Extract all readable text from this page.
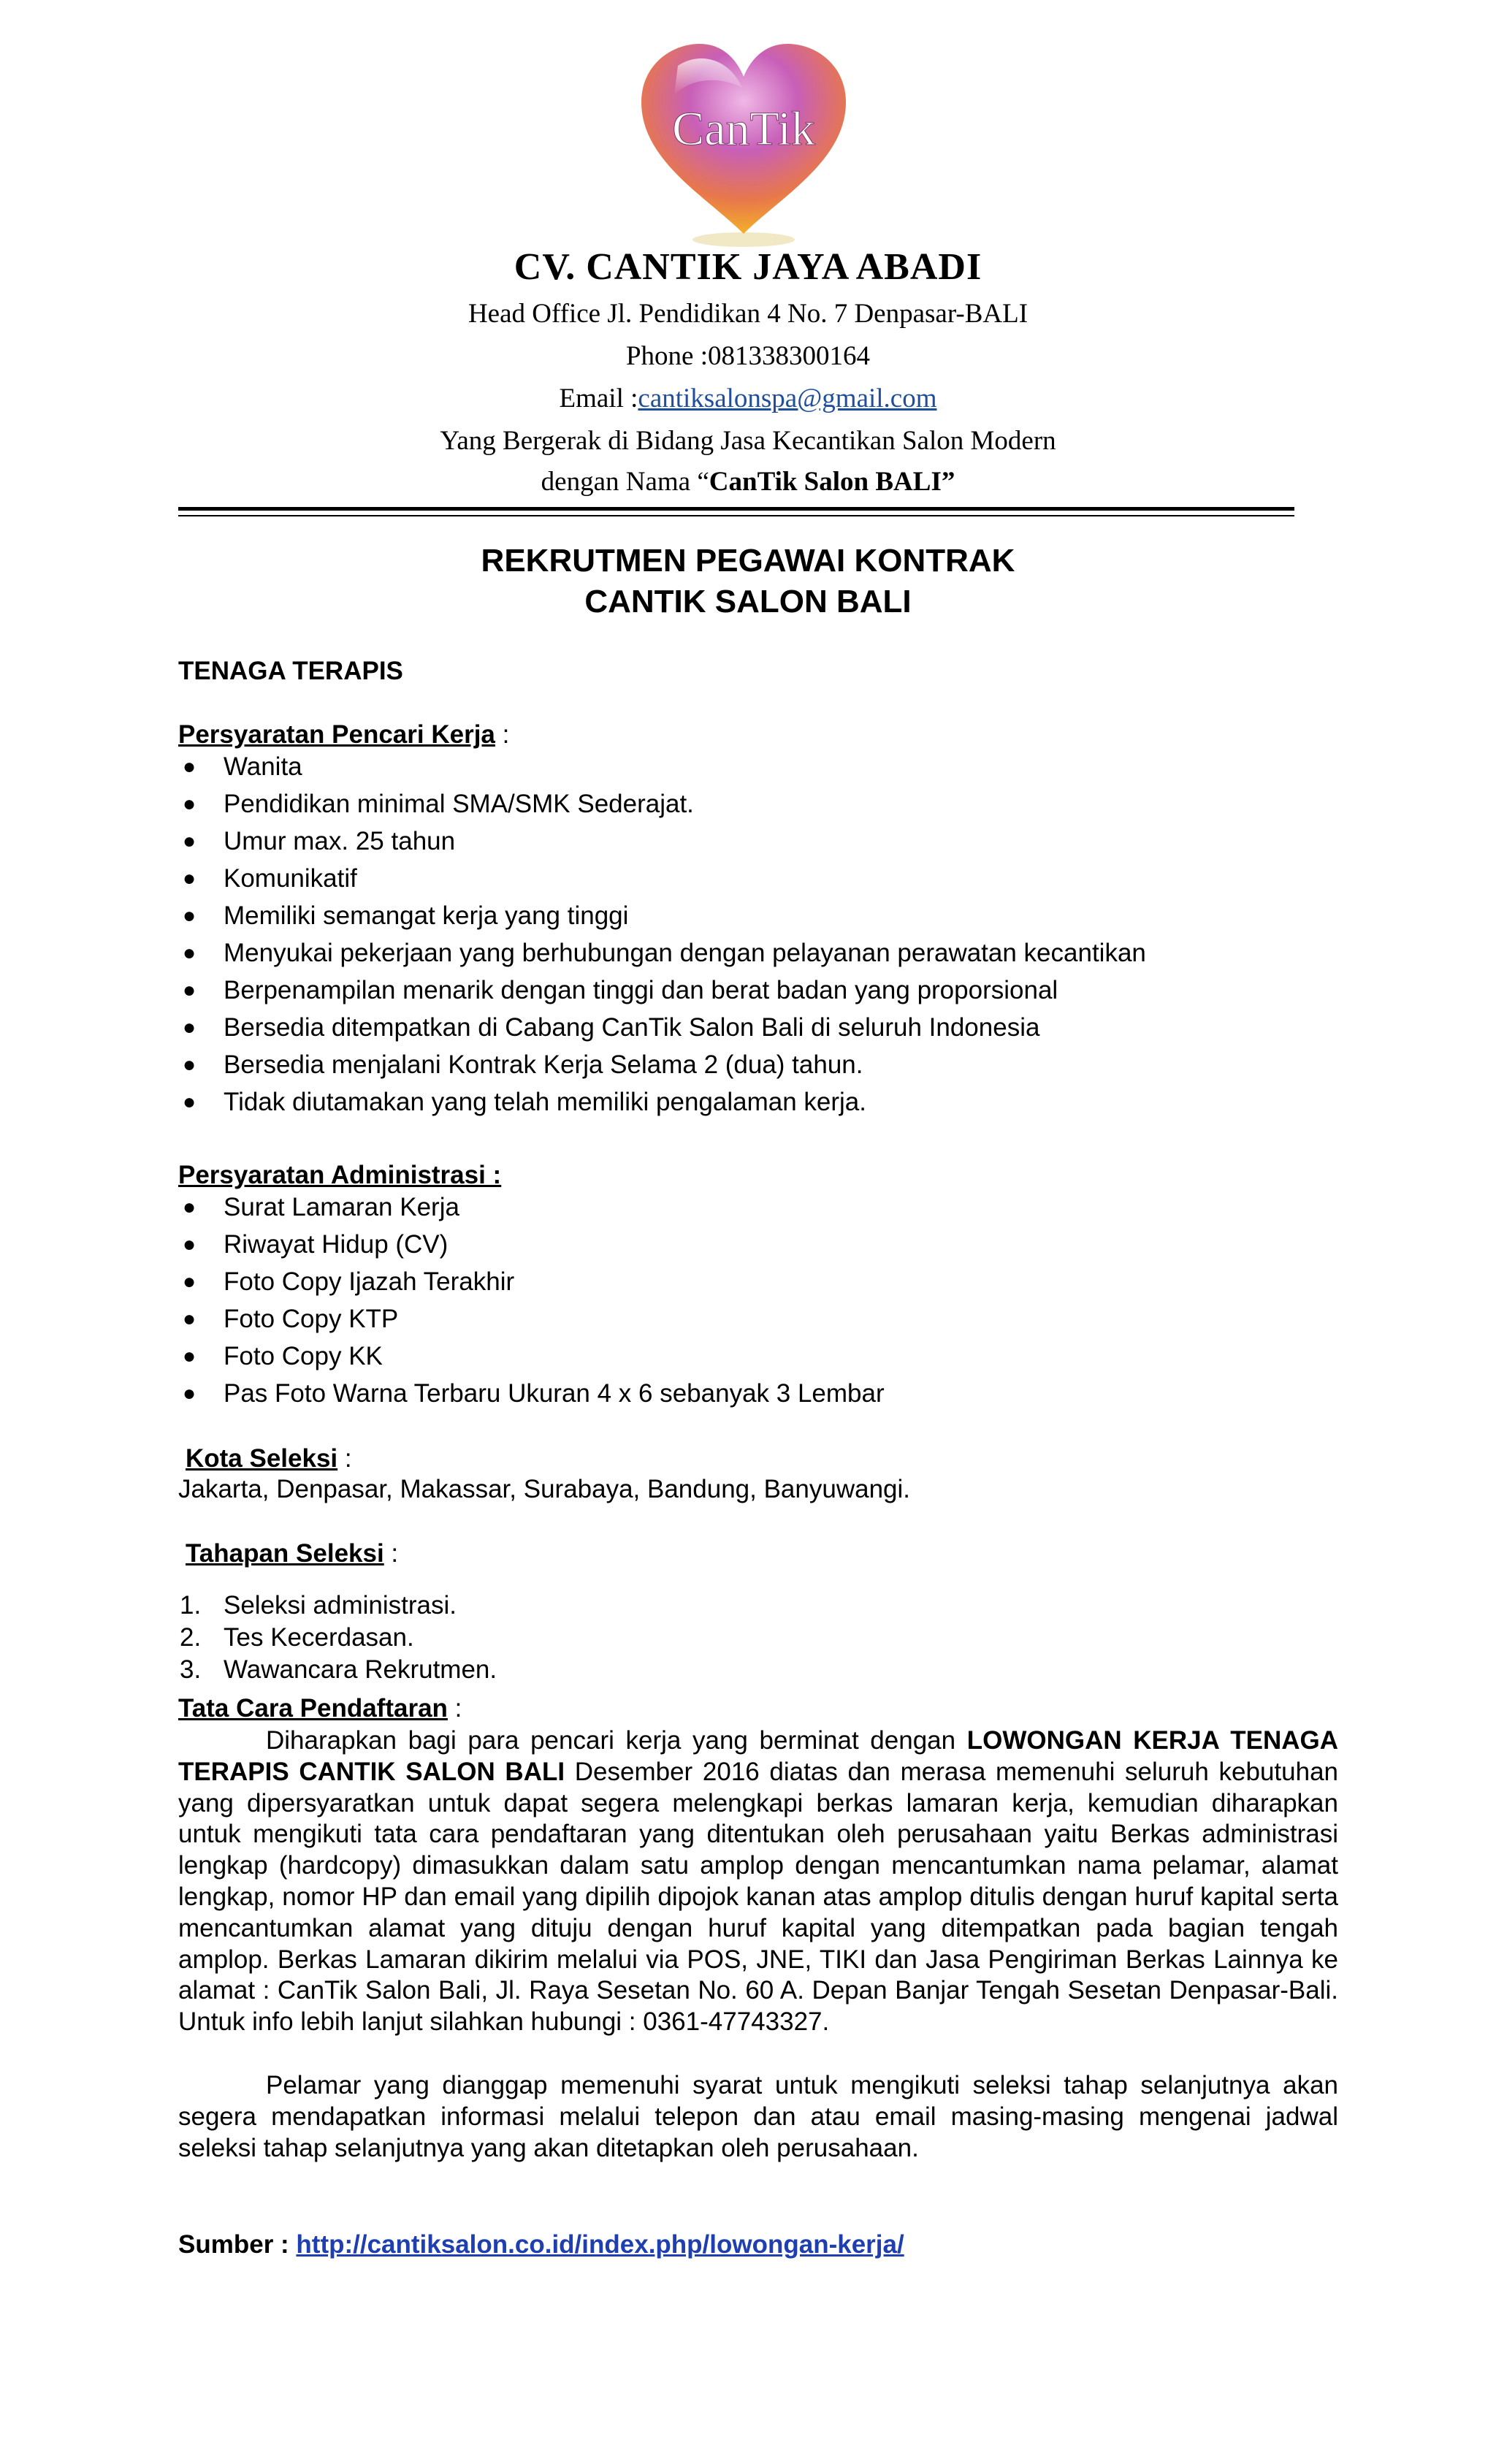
CanTik
CV. CANTIK JAYA ABADI
Head Office Jl. Pendidikan 4 No. 7 Denpasar-BALI
Phone :081338300164
Email :cantiksalonspa@gmail.com
Yang Bergerak di Bidang Jasa Kecantikan Salon Modern
dengan Nama “CanTik Salon BALI”
REKRUTMEN PEGAWAI KONTRAK
CANTIK SALON BALI
TENAGA TERAPIS
Persyaratan Pencari Kerja :
● Wanita
● Pendidikan minimal SMA/SMK Sederajat.
● Umur max. 25 tahun
● Komunikatif
● Memiliki semangat kerja yang tinggi
● Menyukai pekerjaan yang berhubungan dengan pelayanan perawatan kecantikan
● Berpenampilan menarik dengan tinggi dan berat badan yang proporsional
● Bersedia ditempatkan di Cabang CanTik Salon Bali di seluruh Indonesia
● Bersedia menjalani Kontrak Kerja Selama 2 (dua) tahun.
● Tidak diutamakan yang telah memiliki pengalaman kerja.
Persyaratan Administrasi :
● Surat Lamaran Kerja
● Riwayat Hidup (CV)
● Foto Copy Ijazah Terakhir
● Foto Copy KTP
● Foto Copy KK
● Pas Foto Warna Terbaru Ukuran 4 x 6 sebanyak 3 Lembar
Kota Seleksi :
Jakarta, Denpasar, Makassar, Surabaya, Bandung, Banyuwangi.
Tahapan Seleksi :
1. Seleksi administrasi.
2. Tes Kecerdasan.
3. Wawancara Rekrutmen.
Tata Cara Pendaftaran :

Diharapkan bagi para pencari kerja yang berminat dengan LOWONGAN KERJA TENAGA TERAPIS CANTIK SALON BALI Desember 2016 diatas dan merasa memenuhi seluruh kebutuhan yang dipersyaratkan untuk dapat segera melengkapi berkas lamaran kerja, kemudian diharapkan untuk mengikuti tata cara pendaftaran yang ditentukan oleh perusahaan yaitu Berkas administrasi lengkap (hardcopy) dimasukkan dalam satu amplop dengan mencantumkan nama pelamar, alamat lengkap, nomor HP dan email yang dipilih dipojok kanan atas amplop ditulis dengan huruf kapital serta mencantumkan alamat yang dituju dengan huruf kapital yang ditempatkan pada bagian tengah amplop. Berkas Lamaran dikirim melalui via POS, JNE, TIKI dan Jasa Pengiriman Berkas Lainnya ke alamat : CanTik Salon Bali, Jl. Raya Sesetan No. 60 A. Depan Banjar Tengah Sesetan Denpasar-Bali. Untuk info lebih lanjut silahkan hubungi : 0361-47743327.

Pelamar yang dianggap memenuhi syarat untuk mengikuti seleksi tahap selanjutnya akan segera mendapatkan informasi melalui telepon dan atau email masing-masing mengenai jadwal seleksi tahap selanjutnya yang akan ditetapkan oleh perusahaan.

Sumber : http://cantiksalon.co.id/index.php/lowongan-kerja/
